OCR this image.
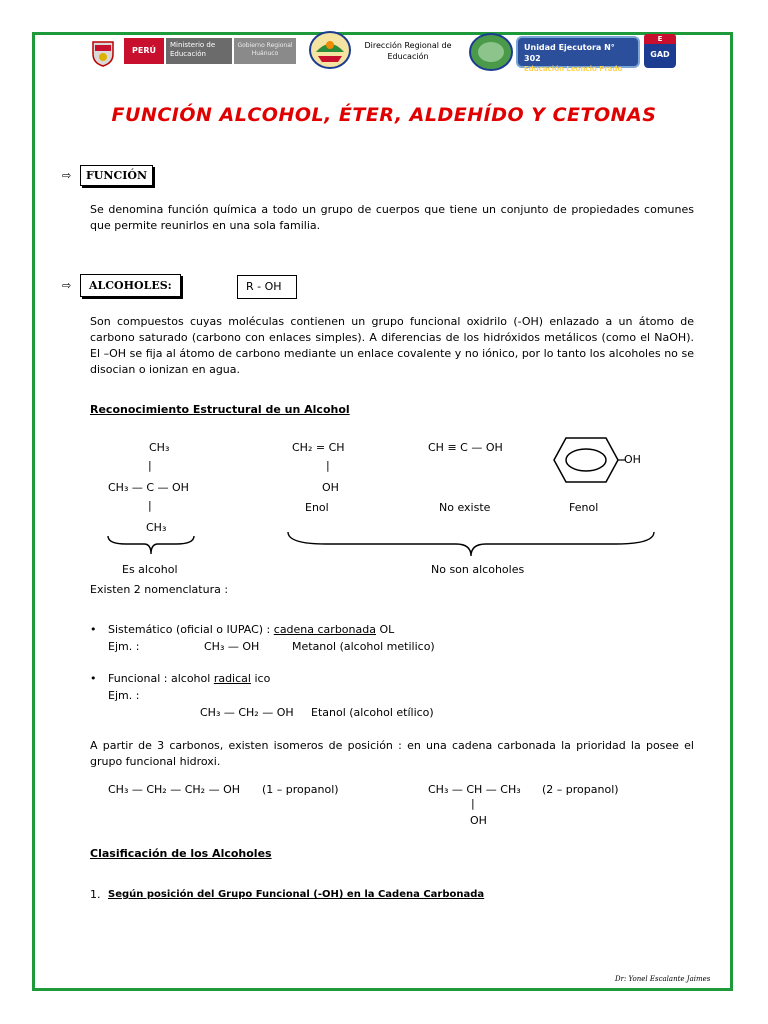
PERÚ
Ministerio de Educación
Gobierno Regional Huánuco
Dirección Regional de Educación
Unidad Ejecutora N° 302
Educación Leoncio Prado
E
GAD
FUNCIÓN ALCOHOL, ÉTER, ALDEHÍDO Y CETONAS
⇨	FUNCIÓN
Se denomina función química a todo un grupo de cuerpos que tiene un conjunto de propiedades comunes que permite reunirlos en una sola familia.
⇨	ALCOHOLES:	R - OH
Son compuestos cuyas moléculas contienen un grupo funcional oxidrilo (-OH) enlazado a un átomo de carbono saturado (carbono con enlaces simples). A diferencias de los hidróxidos metálicos (como el NaOH). El –OH se fija al átomo de carbono mediante un enlace covalente y no iónico, por lo tanto los alcoholes no se disocian o ionizan en agua.
Reconocimiento Estructural de un Alcohol
CH₃
|
CH₃ — C — OH
|
CH₃
CH₂ = CH
|
OH
Enol
CH ≡ C — OH
No existe
OH
Fenol
Es alcohol	No son alcoholes
Existen 2 nomenclatura :
• Sistemático (oficial o IUPAC) : cadena carbonada OL
Ejm. :	CH₃ — OH	Metanol (alcohol metilico)
• Funcional : alcohol radical ico
Ejm. :
CH₃ — CH₂ — OH Etanol (alcohol etílico)
A partir de 3 carbonos, existen isomeros de posición : en una cadena carbonada la prioridad la posee el grupo funcional hidroxi.
CH₃ — CH₂ — CH₂ — OH (1 – propanol)	CH₃ — CH — CH₃ (2 – propanol)
|
OH
Clasificación de los Alcoholes
1. Según posición del Grupo Funcional (-OH) en la Cadena Carbonada
Dr: Yonel Escalante Jaimes
